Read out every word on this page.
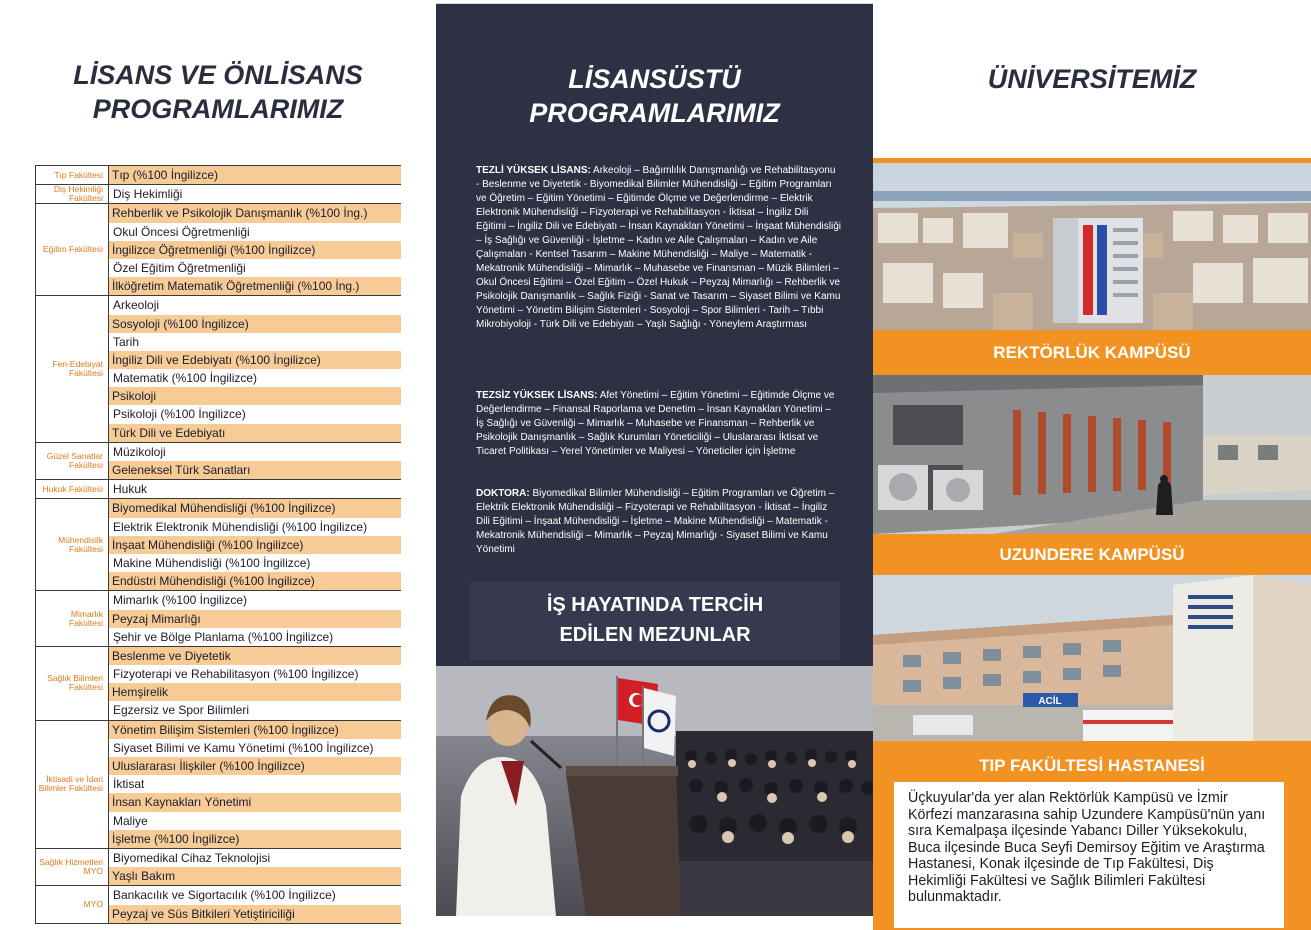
LİSANS VE ÖNLİSANS
PROGRAMLARIMIZ
Tıp Fakültesi Tıp (%100 İngilizce)
Diş Hekimliği Fakültesi Diş Hekimliği
Eğitim Fakültesi
Rehberlik ve Psikolojik Danışmanlık (%100 İng.)
Okul Öncesi Öğretmenliği
İngilizce Öğretmenliği (%100 İngilizce)
Özel Eğitim Öğretmenliği
İlköğretim Matematik Öğretmenliği (%100 İng.)
Fen-Edebiyat Fakültesi
Arkeoloji
Sosyoloji (%100 İngilizce)
Tarih
İngiliz Dili ve Edebiyatı (%100 İngilizce)
Matematik (%100 İngilizce)
Psikoloji
Psikoloji (%100 İngilizce)
Türk Dili ve Edebiyatı
Güzel Sanatlar Fakültesi
Müzikoloji
Geleneksel Türk Sanatları
Hukuk Fakültesi Hukuk
Mühendislik Fakültesi
Biyomedikal Mühendisliği (%100 İngilizce)
Elektrik Elektronik Mühendisliği (%100 İngilizce)
İnşaat Mühendisliği (%100 İngilizce)
Makine Mühendisliği (%100 İngilizce)
Endüstri Mühendisliği (%100 İngilizce)
Mimarlık Fakültesi
Mimarlık (%100 İngilizce)
Peyzaj Mimarlığı
Şehir ve Bölge Planlama (%100 İngilizce)
Sağlık Bilimleri Fakültesi
Beslenme ve Diyetetik
Fizyoterapi ve Rehabilitasyon (%100 İngilizce)
Hemşirelik
Egzersiz ve Spor Bilimleri
İktisadi ve İdari Bilimler Fakültesi
Yönetim Bilişim Sistemleri (%100 İngilizce)
Siyaset Bilimi ve Kamu Yönetimi (%100 İngilizce)
Uluslararası İlişkiler (%100 İngilizce)
İktisat
İnsan Kaynakları Yönetimi
Maliye
İşletme (%100 İngilizce)
Sağlık Hizmetleri MYO
Biyomedikal Cihaz Teknolojisi
Yaşlı Bakım
MYO
Bankacılık ve Sigortacılık (%100 İngilizce)
Peyzaj ve Süs Bitkileri Yetiştiriciliği
LİSANSÜSTÜ
PROGRAMLARIMIZ

TEZLİ YÜKSEK LİSANS: Arkeoloji – Bağımlılık Danışmanlığı ve Rehabilitasyonu - Beslenme ve Diyetetik - Biyomedikal Bilimler Mühendisliği – Eğitim Programları ve Öğretim – Eğitim Yönetimi – Eğitimde Ölçme ve Değerlendirme – Elektrik Elektronik Mühendisliği – Fizyoterapi ve Rehabilitasyon - İktisat – İngiliz Dili Eğitimi – İngiliz Dili ve Edebiyatı – İnsan Kaynakları Yönetimi – İnşaat Mühendisliği – İş Sağlığı ve Güvenliği - İşletme – Kadın ve Aile Çalışmaları – Kadın ve Aile Çalışmaları - Kentsel Tasarım – Makine Mühendisliği – Maliye – Matematik - Mekatronik Mühendisliği – Mimarlık – Muhasebe ve Finansman – Müzik Bilimleri – Okul Öncesi Eğitimi – Özel Eğitim – Özel Hukuk – Peyzaj Mimarlığı – Rehberlik ve Psikolojik Danışmanlık – Sağlık Fiziği - Sanat ve Tasarım – Siyaset Bilimi ve Kamu Yönetimi – Yönetim Bilişim Sistemleri - Sosyoloji – Spor Bilimleri - Tarih – Tıbbi Mikrobiyoloji - Türk Dili ve Edebiyatı – Yaşlı Sağlığı - Yöneylem Araştırması

TEZSİZ YÜKSEK LİSANS: Afet Yönetimi – Eğitim Yönetimi – Eğitimde Ölçme ve Değerlendirme – Finansal Raporlama ve Denetim – İnsan Kaynakları Yönetimi – İş Sağlığı ve Güvenliği – Mimarlık – Muhasebe ve Finansman – Rehberlik ve Psikolojik Danışmanlık – Sağlık Kurumları Yöneticiliği – Uluslararası İktisat ve Ticaret Politikası – Yerel Yönetimler ve Maliyesi – Yöneticiler için İşletme

DOKTORA: Biyomedikal Bilimler Mühendisliği – Eğitim Programları ve Öğretim – Elektrik Elektronik Mühendisliği – Fizyoterapi ve Rehabilitasyon - İktisat – İngiliz Dili Eğitimi – İnşaat Mühendisliği – İşletme – Makine Mühendisliği – Matematik - Mekatronik Mühendisliği – Mimarlık – Peyzaj Mimarlığı - Siyaset Bilimi ve Kamu Yönetimi

İŞ HAYATINDA TERCİH
EDİLEN MEZUNLAR
ÜNİVERSİTEMİZ
REKTÖRLÜK KAMPÜSÜ
UZUNDERE KAMPÜSÜ
ACİL
TIP FAKÜLTESİ HASTANESİ
Üçkuyular'da yer alan Rektörlük Kampüsü ve İzmir Körfezi manzarasına sahip Uzundere Kampüsü'nün yanı sıra Kemalpaşa ilçesinde Yabancı Diller Yüksekokulu, Buca ilçesinde Buca Seyfi Demirsoy Eğitim ve Araştırma Hastanesi, Konak ilçesinde de Tıp Fakültesi, Diş Hekimliği Fakültesi ve Sağlık Bilimleri Fakültesi bulunmaktadır.
